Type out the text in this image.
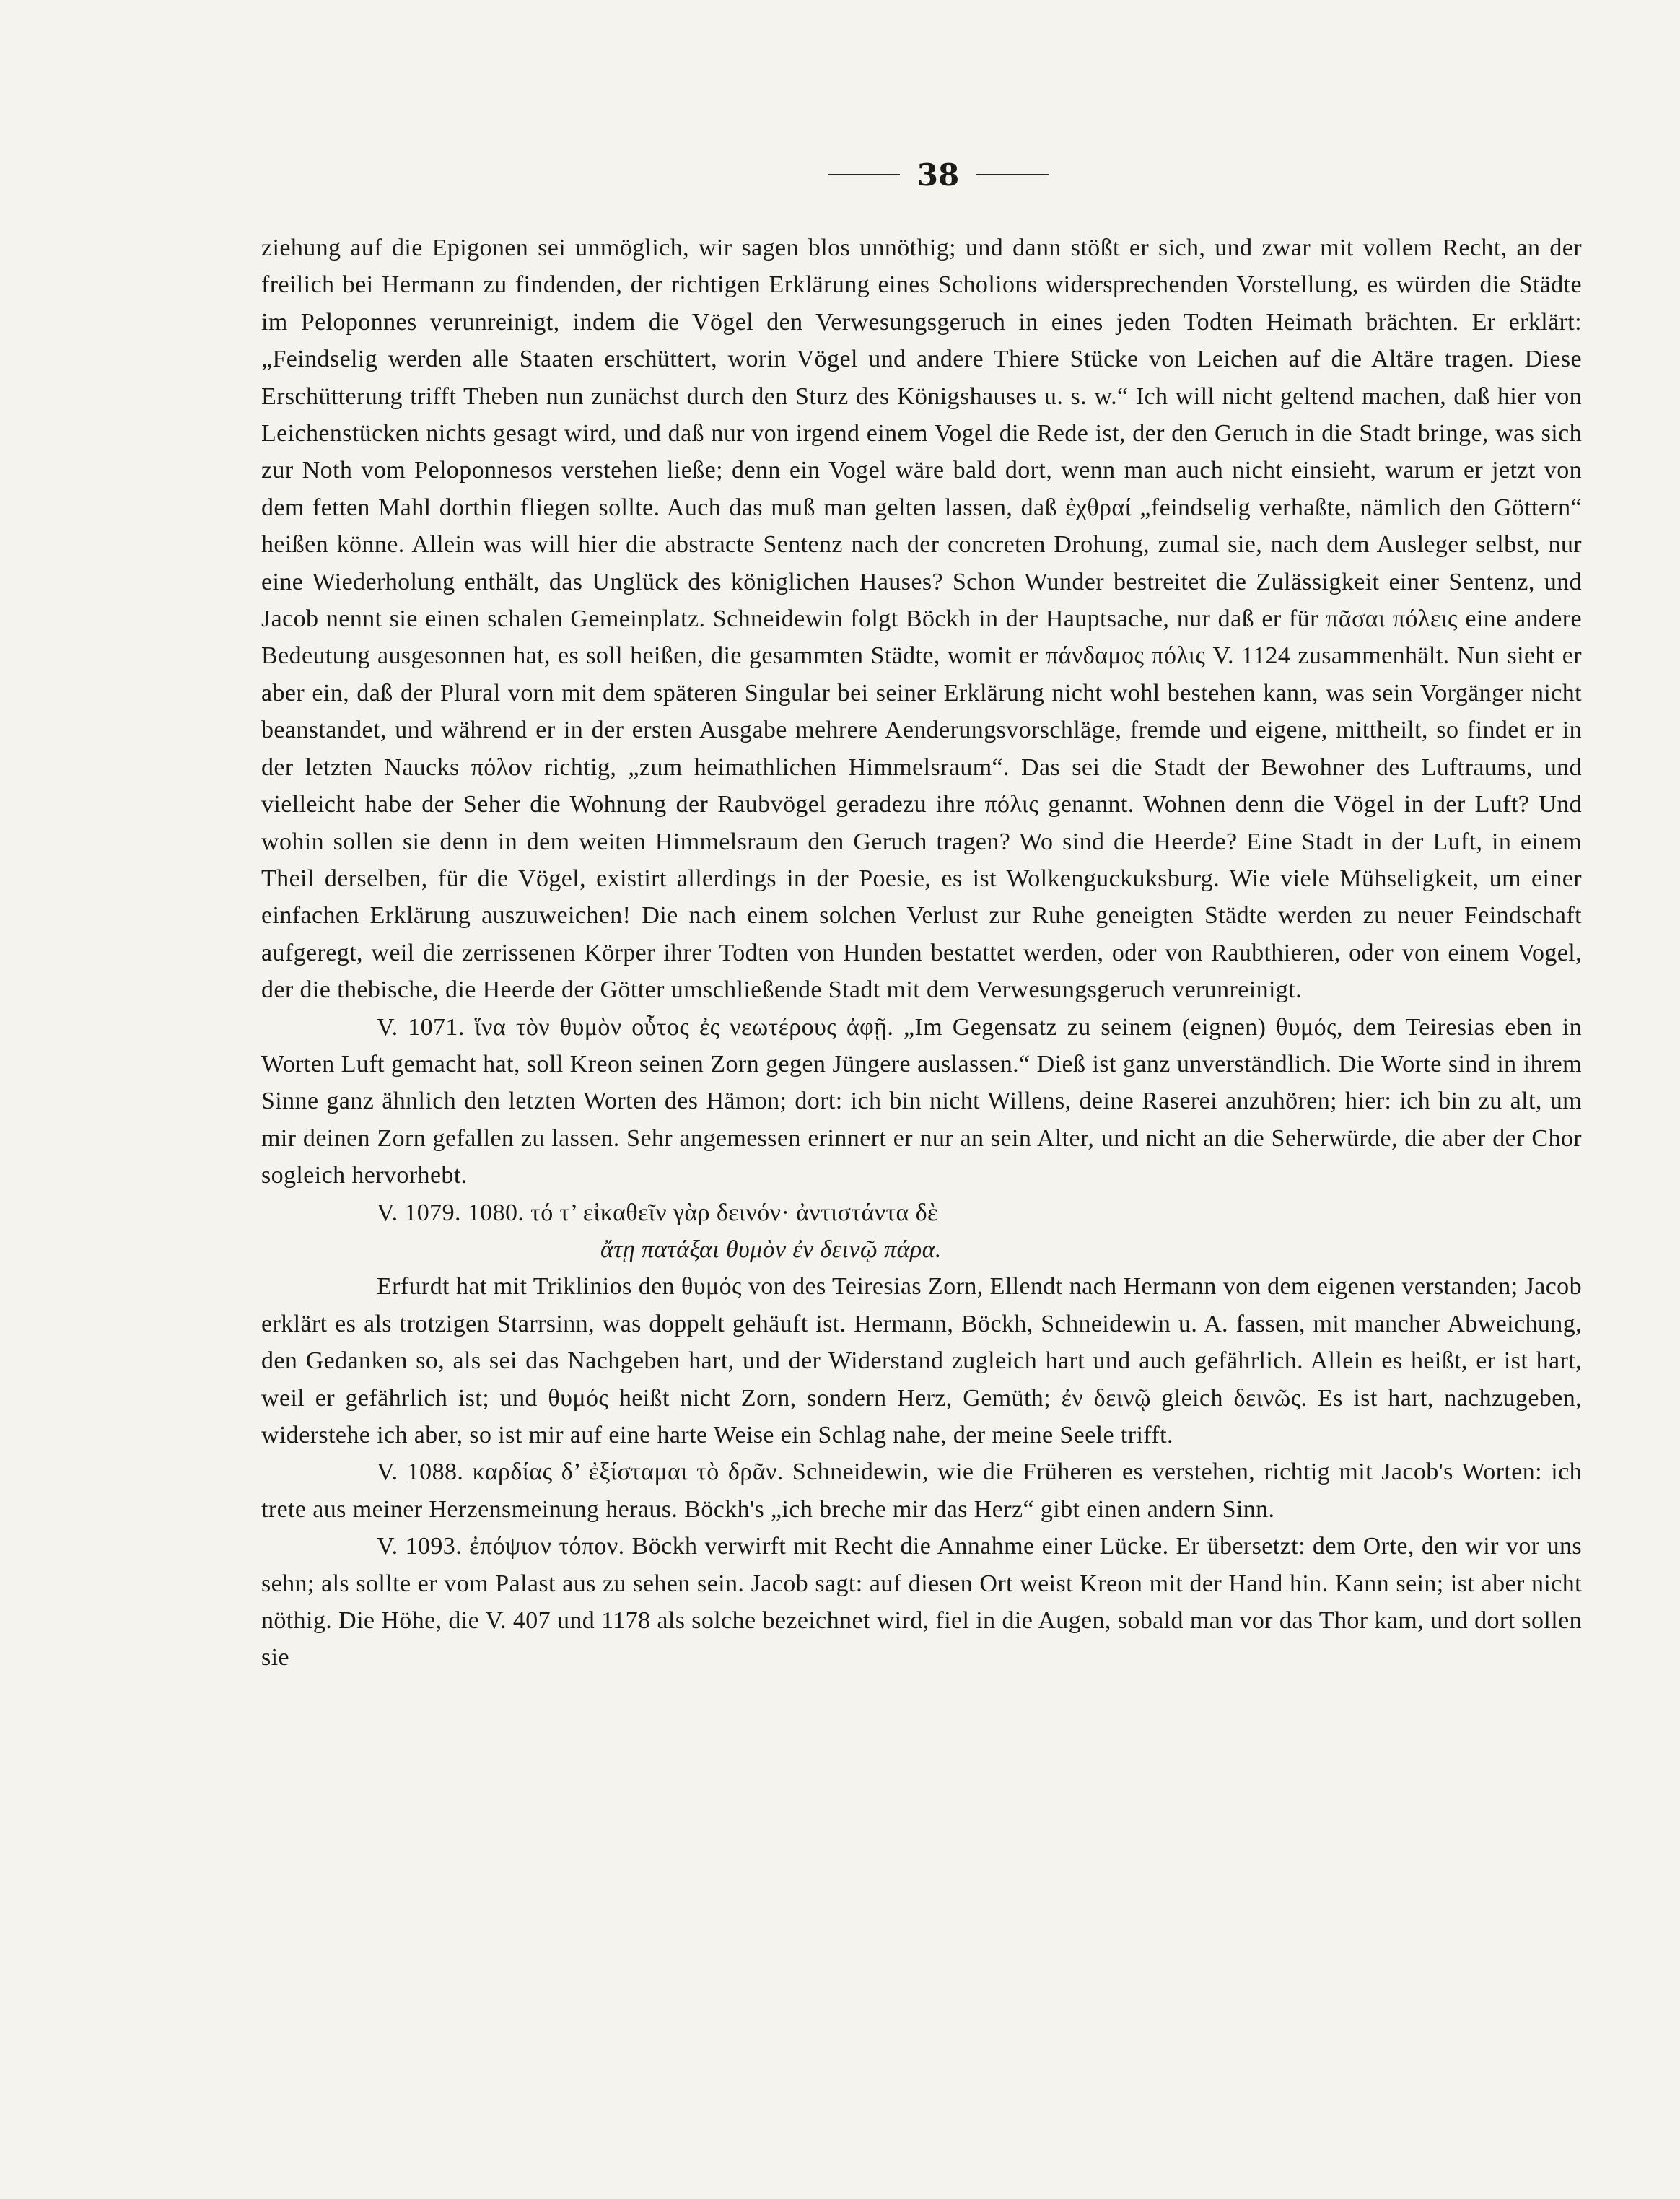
38

ziehung auf die Epigonen sei unmöglich, wir sagen blos unnöthig; und dann stößt er sich, und zwar mit vollem Recht, an der freilich bei Hermann zu findenden, der richtigen Erklärung eines Scholions widersprechenden Vorstellung, es würden die Städte im Peloponnes verunreinigt, indem die Vögel den Verwesungsgeruch in eines jeden Todten Heimath brächten. Er erklärt: „Feindselig werden alle Staaten erschüttert, worin Vögel und andere Thiere Stücke von Leichen auf die Altäre tragen. Diese Erschütterung trifft Theben nun zunächst durch den Sturz des Königshauses u. s. w.“ Ich will nicht geltend machen, daß hier von Leichenstücken nichts gesagt wird, und daß nur von irgend einem Vogel die Rede ist, der den Geruch in die Stadt bringe, was sich zur Noth vom Peloponnesos verstehen ließe; denn ein Vogel wäre bald dort, wenn man auch nicht einsieht, warum er jetzt von dem fetten Mahl dorthin fliegen sollte. Auch das muß man gelten lassen, daß ἐχθραί „feindselig verhaßte, nämlich den Göttern“ heißen könne. Allein was will hier die abstracte Sentenz nach der concreten Drohung, zumal sie, nach dem Ausleger selbst, nur eine Wiederholung enthält, das Unglück des königlichen Hauses? Schon Wunder bestreitet die Zulässigkeit einer Sentenz, und Jacob nennt sie einen schalen Gemeinplatz. Schneidewin folgt Böckh in der Hauptsache, nur daß er für πᾶσαι πόλεις eine andere Bedeutung ausgesonnen hat, es soll heißen, die gesammten Städte, womit er πάνδαμος πόλις V. 1124 zusammenhält. Nun sieht er aber ein, daß der Plural vorn mit dem späteren Singular bei seiner Erklärung nicht wohl bestehen kann, was sein Vorgänger nicht beanstandet, und während er in der ersten Ausgabe mehrere Aenderungsvorschläge, fremde und eigene, mittheilt, so findet er in der letzten Naucks πόλον richtig, „zum heimathlichen Himmelsraum“. Das sei die Stadt der Bewohner des Luftraums, und vielleicht habe der Seher die Wohnung der Raubvögel geradezu ihre πόλις genannt. Wohnen denn die Vögel in der Luft? Und wohin sollen sie denn in dem weiten Himmelsraum den Geruch tragen? Wo sind die Heerde? Eine Stadt in der Luft, in einem Theil derselben, für die Vögel, existirt allerdings in der Poesie, es ist Wolkenguckuksburg. Wie viele Mühseligkeit, um einer einfachen Erklärung auszuweichen! Die nach einem solchen Verlust zur Ruhe geneigten Städte werden zu neuer Feindschaft aufgeregt, weil die zerrissenen Körper ihrer Todten von Hunden bestattet werden, oder von Raubthieren, oder von einem Vogel, der die thebische, die Heerde der Götter umschließende Stadt mit dem Verwesungsgeruch verunreinigt.

V. 1071. ἵνα τὸν θυμὸν οὗτος ἐς νεωτέρους ἀφῇ. „Im Gegensatz zu seinem (eignen) θυμός, dem Teiresias eben in Worten Luft gemacht hat, soll Kreon seinen Zorn gegen Jüngere auslassen.“ Dieß ist ganz unverständlich. Die Worte sind in ihrem Sinne ganz ähnlich den letzten Worten des Hämon; dort: ich bin nicht Willens, deine Raserei anzuhören; hier: ich bin zu alt, um mir deinen Zorn gefallen zu lassen. Sehr angemessen erinnert er nur an sein Alter, und nicht an die Seherwürde, die aber der Chor sogleich hervorhebt.

V. 1079. 1080. τό τ’ εἰκαθεῖν γὰρ δεινόν· ἀντιστάντα δὲ

ἄτῃ πατάξαι θυμὸν ἐν δεινῷ πάρα.

Erfurdt hat mit Triklinios den θυμός von des Teiresias Zorn, Ellendt nach Hermann von dem eigenen verstanden; Jacob erklärt es als trotzigen Starrsinn, was doppelt gehäuft ist. Hermann, Böckh, Schneidewin u. A. fassen, mit mancher Abweichung, den Gedanken so, als sei das Nachgeben hart, und der Widerstand zugleich hart und auch gefährlich. Allein es heißt, er ist hart, weil er gefährlich ist; und θυμός heißt nicht Zorn, sondern Herz, Gemüth; ἐν δεινῷ gleich δεινῶς. Es ist hart, nachzugeben, widerstehe ich aber, so ist mir auf eine harte Weise ein Schlag nahe, der meine Seele trifft.

V. 1088. καρδίας δ’ ἐξίσταμαι τὸ δρᾶν. Schneidewin, wie die Früheren es verstehen, richtig mit Jacob's Worten: ich trete aus meiner Herzensmeinung heraus. Böckh's „ich breche mir das Herz“ gibt einen andern Sinn.

V. 1093. ἐπόψιον τόπον. Böckh verwirft mit Recht die Annahme einer Lücke. Er übersetzt: dem Orte, den wir vor uns sehn; als sollte er vom Palast aus zu sehen sein. Jacob sagt: auf diesen Ort weist Kreon mit der Hand hin. Kann sein; ist aber nicht nöthig. Die Höhe, die V. 407 und 1178 als solche bezeichnet wird, fiel in die Augen, sobald man vor das Thor kam, und dort sollen sie
